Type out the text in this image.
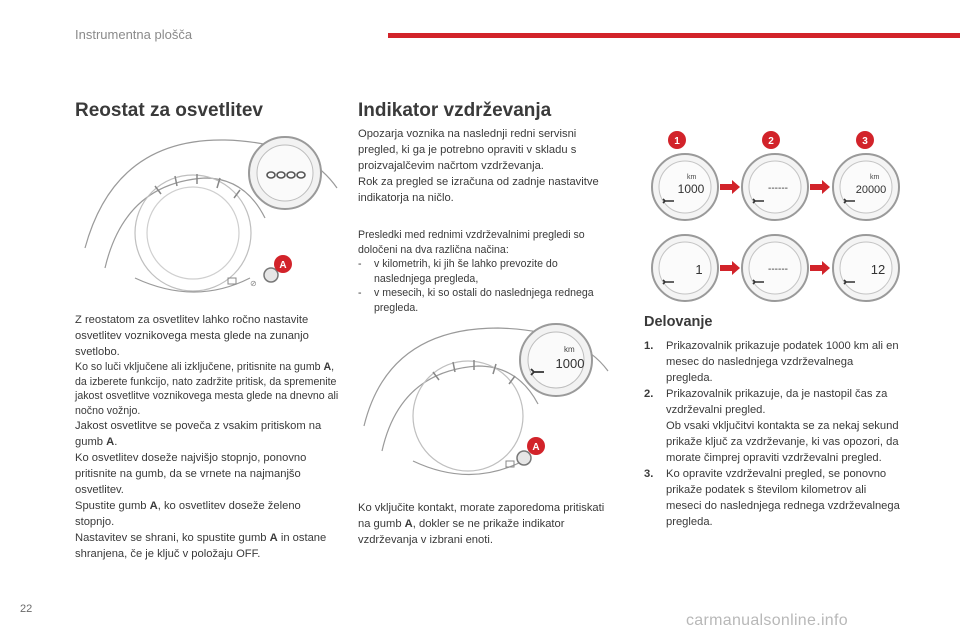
Instrumentna plošča
Reostat za osvetlitev
⊘
A

Z reostatom za osvetlitev lahko ročno nastavite osvetlitev voznikovega mesta glede na zunanjo svetlobo.

Ko so luči vključene ali izključene, pritisnite na gumb A, da izberete funkcijo, nato zadržite pritisk, da spremenite jakost osvetlitve voznikovega mesta glede na dnevno ali nočno vožnjo.

Jakost osvetlitve se poveča z vsakim pritiskom na gumb A.

Ko osvetlitev doseže najvišjo stopnjo, ponovno pritisnite na gumb, da se vrnete na najmanjšo osvetlitev.

Spustite gumb A, ko osvetlitev doseže želeno stopnjo.

Nastavitev se shrani, ko spustite gumb A in ostane shranjena, če je ključ v položaju OFF.

Indikator vzdrževanja

Opozarja voznika na naslednji redni servisni pregled, ki ga je potrebno opraviti v skladu s proizvajalčevim načrtom vzdrževanja.

Rok za pregled se izračuna od zadnje nastavitve indikatorja na ničlo.

Presledki med rednimi vzdrževalnimi pregledi so določeni na dva različna načina:

- v kilometrih, ki jih še lahko prevozite do naslednjega pregleda,
- v mesecih, ki so ostali do naslednjega rednega pregleda.
km
1000
A

Ko vključite kontakt, morate zaporedoma pritiskati na gumb A, dokler se ne prikaže indikator vzdrževanja v izbrani enoti.

1	2	3
km
1000	------
km
20000
1	------	12
Delovanje
1. Prikazovalnik prikazuje podatek 1000 km ali en mesec do naslednjega vzdrževalnega pregleda.
2. Prikazovalnik prikazuje, da je nastopil čas za vzdrževalni pregled.
Ob vsaki vključitvi kontakta se za nekaj sekund prikaže ključ za vzdrževanje, ki vas opozori, da morate čimprej opraviti vzdrževalni pregled.
3. Ko opravite vzdrževalni pregled, se ponovno prikaže podatek s številom kilometrov ali meseci do naslednjega rednega vzdrževalnega pregleda.
22
carmanualsonline.info
